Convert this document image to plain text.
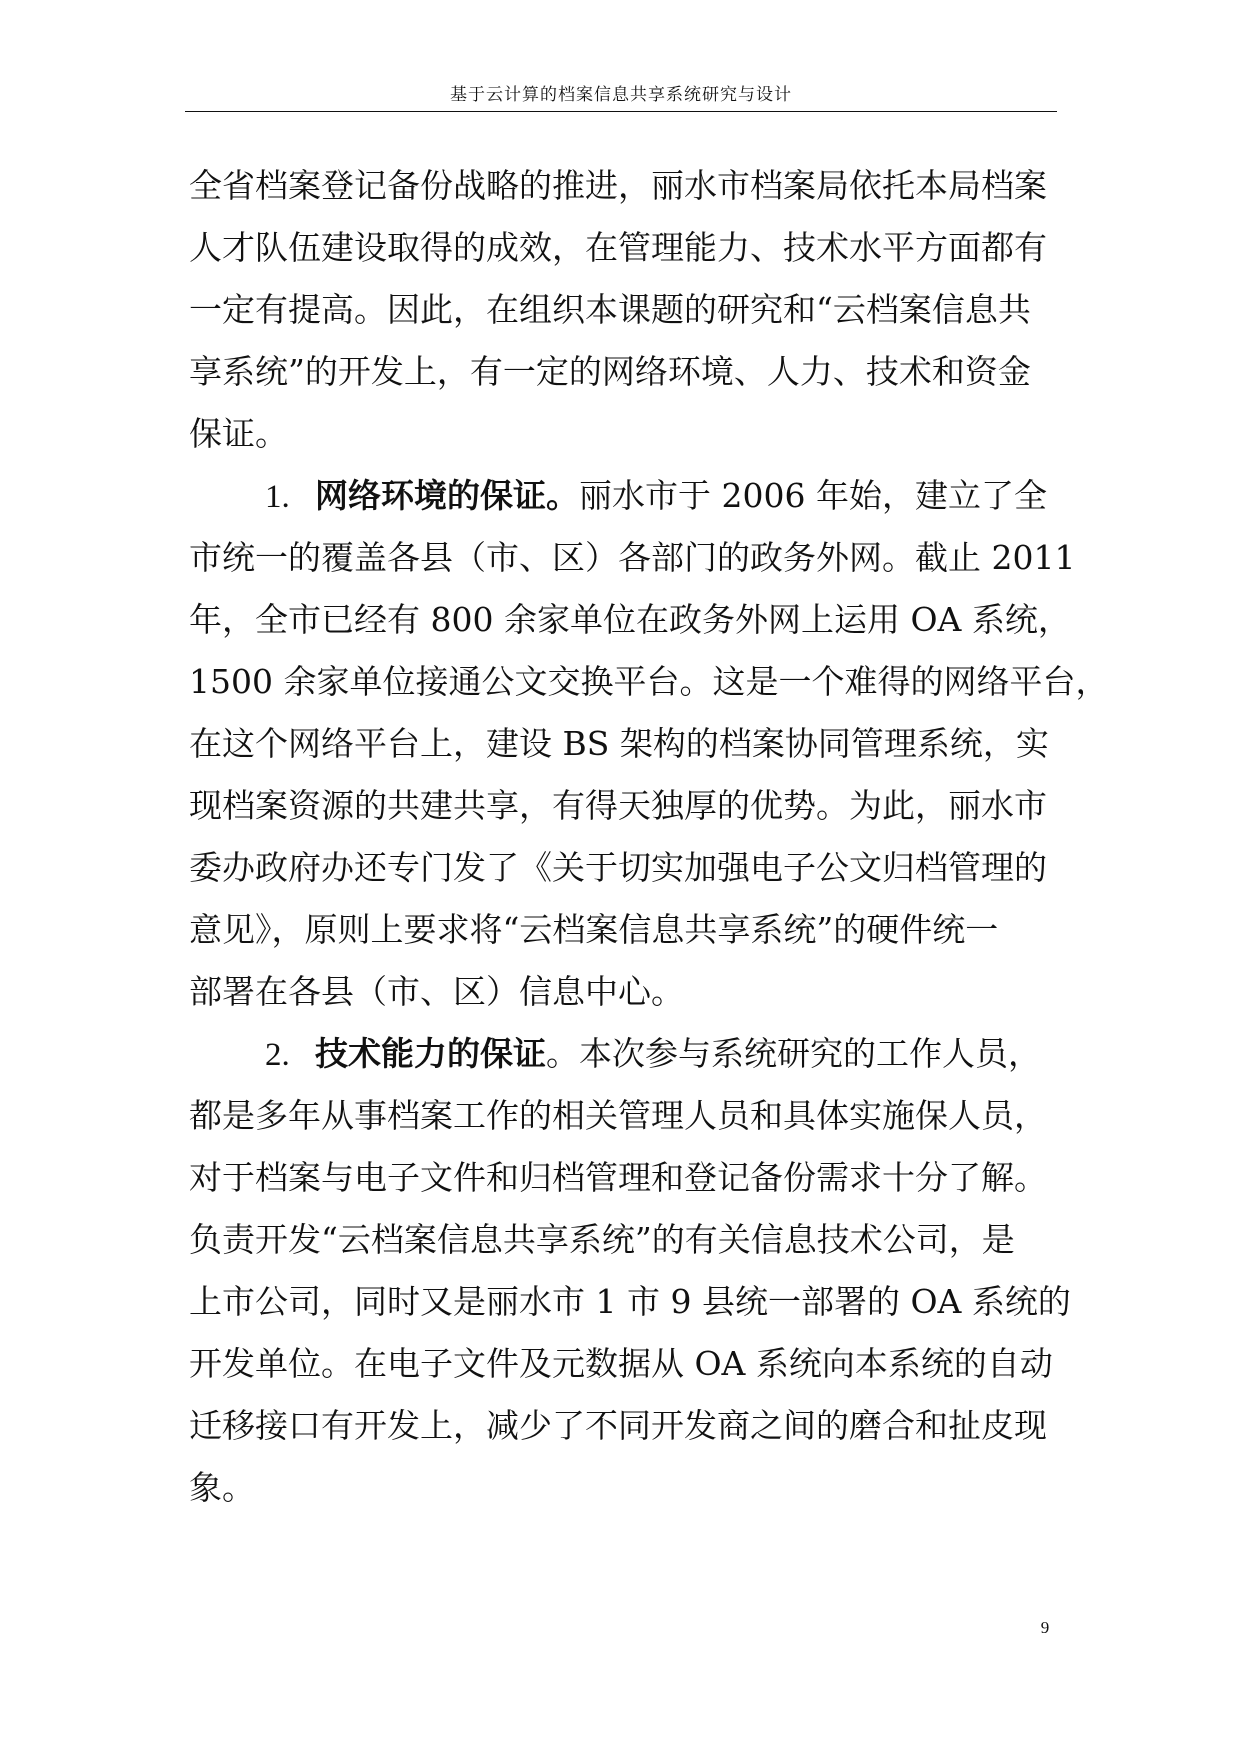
基于云计算的档案信息共享系统研究与设计
全省档案登记备份战略的推进，丽水市档案局依托本局档案
人才队伍建设取得的成效，在管理能力、技术水平方面都有
一定有提高。因此，在组织本课题的研究和“云档案信息共
享系统”的开发上，有一定的网络环境、人力、技术和资金
保证。
1. 网络环境的保证。丽水市于 2006 年始，建立了全
市统一的覆盖各县（市、区）各部门的政务外网。截止 2011
年，全市已经有 800 余家单位在政务外网上运用 OA 系统，
1500 余家单位接通公文交换平台。这是一个难得的网络平台，
在这个网络平台上，建设 BS 架构的档案协同管理系统，实
现档案资源的共建共享，有得天独厚的优势。为此，丽水市
委办政府办还专门发了《关于切实加强电子公文归档管理的
意见》，原则上要求将“云档案信息共享系统”的硬件统一
部署在各县（市、区）信息中心。
2. 技术能力的保证。本次参与系统研究的工作人员，
都是多年从事档案工作的相关管理人员和具体实施保人员，
对于档案与电子文件和归档管理和登记备份需求十分了解。
负责开发“云档案信息共享系统”的有关信息技术公司，是
上市公司，同时又是丽水市 1 市 9 县统一部署的 OA 系统的
开发单位。在电子文件及元数据从 OA 系统向本系统的自动
迁移接口有开发上，减少了不同开发商之间的磨合和扯皮现
象。
9
